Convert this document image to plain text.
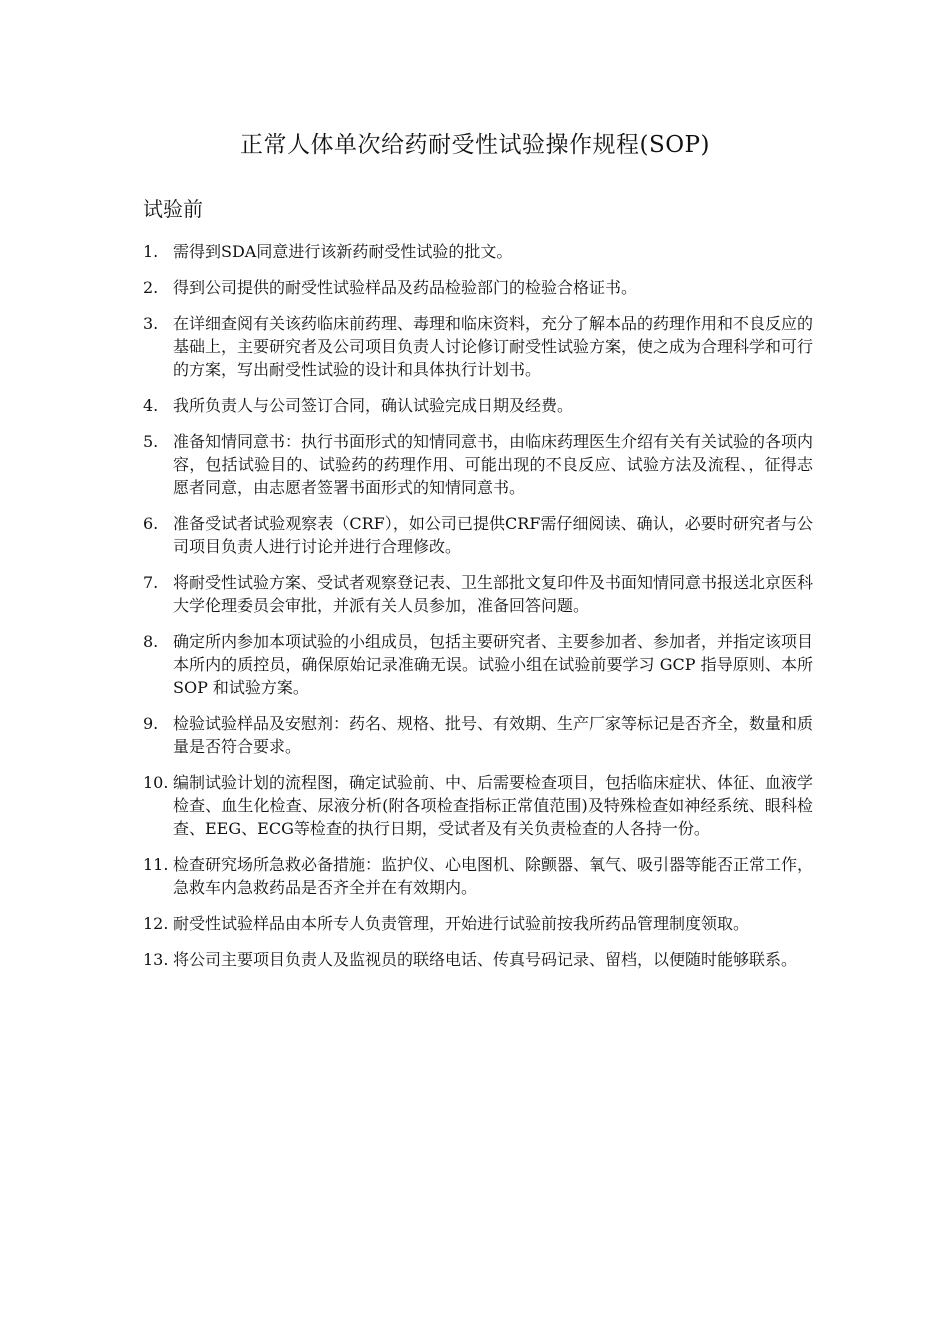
正常人体单次给药耐受性试验操作规程(SOP)
试验前
1. 需得到SDA同意进行该新药耐受性试验的批文。
2. 得到公司提供的耐受性试验样品及药品检验部门的检验合格证书。
3. 在详细查阅有关该药临床前药理、毒理和临床资料，充分了解本品的药理作用和不良反应的基础上，主要研究者及公司项目负责人讨论修订耐受性试验方案，使之成为合理科学和可行的方案，写出耐受性试验的设计和具体执行计划书。
4. 我所负责人与公司签订合同，确认试验完成日期及经费。
5. 准备知情同意书：执行书面形式的知情同意书，由临床药理医生介绍有关有关试验的各项内容，包括试验目的、试验药的药理作用、可能出现的不良反应、试验方法及流程、，征得志愿者同意，由志愿者签署书面形式的知情同意书。
6. 准备受试者试验观察表（CRF），如公司已提供CRF需仔细阅读、确认，必要时研究者与公司项目负责人进行讨论并进行合理修改。
7. 将耐受性试验方案、受试者观察登记表、卫生部批文复印件及书面知情同意书报送北京医科大学伦理委员会审批，并派有关人员参加，准备回答问题。
8. 确定所内参加本项试验的小组成员，包括主要研究者、主要参加者、参加者，并指定该项目本所内的质控员，确保原始记录准确无误。试验小组在试验前要学习 GCP 指导原则、本所 SOP 和试验方案。
9. 检验试验样品及安慰剂：药名、规格、批号、有效期、生产厂家等标记是否齐全，数量和质量是否符合要求。
10. 编制试验计划的流程图，确定试验前、中、后需要检查项目，包括临床症状、体征、血液学检查、血生化检查、尿液分析(附各项检查指标正常值范围)及特殊检查如神经系统、眼科检查、EEG、ECG等检查的执行日期，受试者及有关负责检查的人各持一份。
11. 检查研究场所急救必备措施：监护仪、心电图机、除颤器、氧气、吸引器等能否正常工作，急救车内急救药品是否齐全并在有效期内。
12. 耐受性试验样品由本所专人负责管理，开始进行试验前按我所药品管理制度领取。
13. 将公司主要项目负责人及监视员的联络电话、传真号码记录、留档，以便随时能够联系。
